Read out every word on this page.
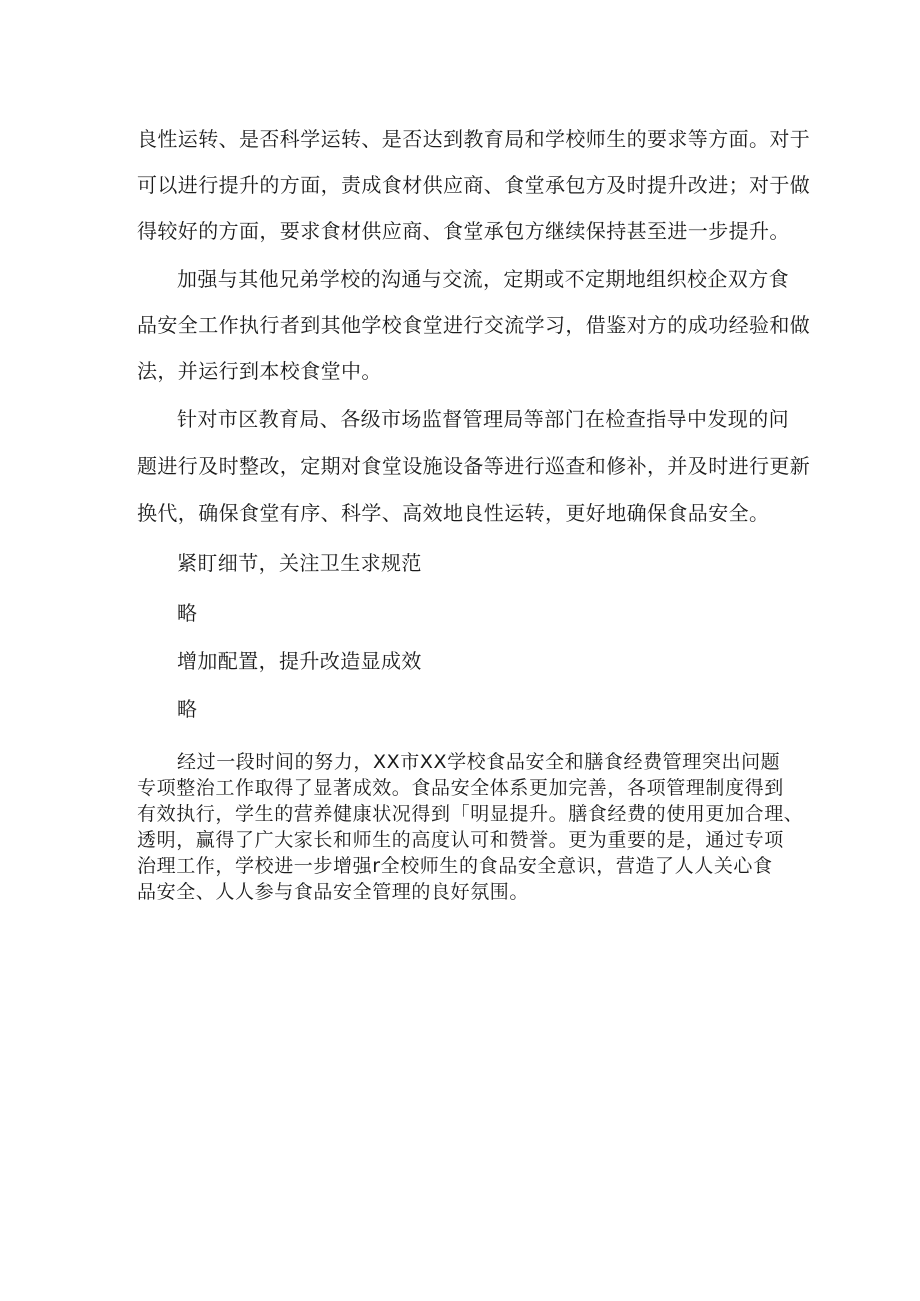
良性运转、是否科学运转、是否达到教育局和学校师生的要求等方面。对于
可以进行提升的方面，责成食材供应商、食堂承包方及时提升改进；对于做
得较好的方面，要求食材供应商、食堂承包方继续保持甚至进一步提升。

加强与其他兄弟学校的沟通与交流，定期或不定期地组织校企双方食
品安全工作执行者到其他学校食堂进行交流学习，借鉴对方的成功经验和做
法，并运行到本校食堂中。

针对市区教育局、各级市场监督管理局等部门在检查指导中发现的问
题进行及时整改，定期对食堂设施设备等进行巡查和修补，并及时进行更新
换代，确保食堂有序、科学、高效地良性运转，更好地确保食品安全。

紧盯细节，关注卫生求规范

略

增加配置，提升改造显成效

略

经过一段时间的努力，XX市XX学校食品安全和膳食经费管理突出问题
专项整治工作取得了显著成效。食品安全体系更加完善，各项管理制度得到
有效执行，学生的营养健康状况得到「明显提升。膳食经费的使用更加合理、
透明，赢得了广大家长和师生的高度认可和赞誉。更为重要的是，通过专项
治理工作，学校进一步增强r全校师生的食品安全意识，营造了人人关心食
品安全、人人参与食品安全管理的良好氛围。
